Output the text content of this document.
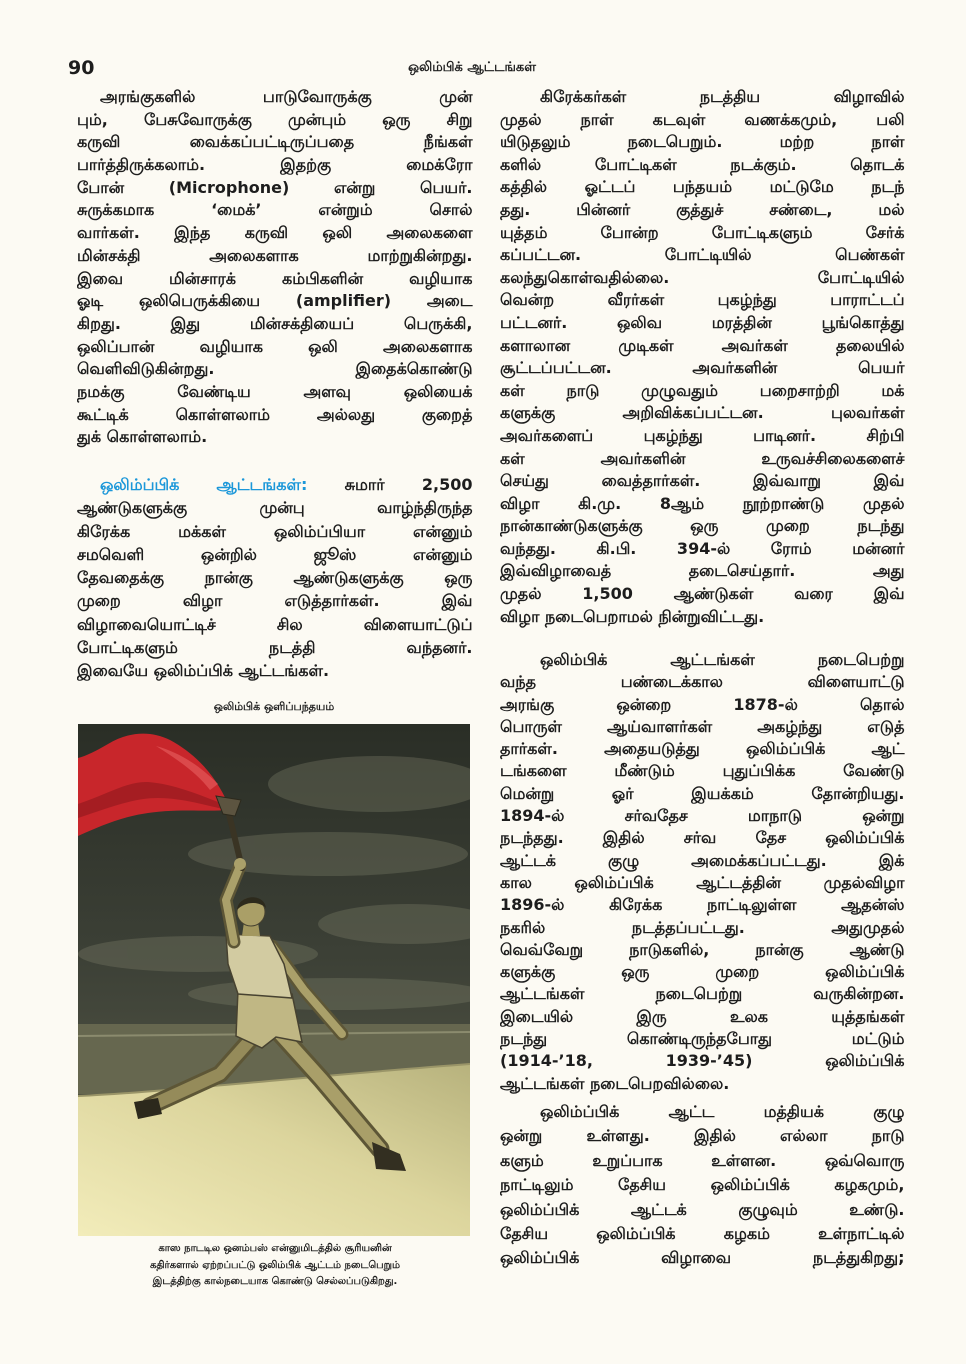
90	ஒலிம்பிக் ஆட்டங்கள்
அரங்குகளில் பாடுவோருக்கு முன்
பும், பேசுவோருக்கு முன்பும் ஒரு சிறு
கருவி வைக்கப்பட்டிருப்பதை நீங்கள்
பார்த்திருக்கலாம். இதற்கு மைக்ரோ
போன் (Microphone) என்று பெயர்.
சுருக்கமாக ‘மைக்’ என்றும் சொல்
வார்கள். இந்த கருவி ஒலி அலைகளை
மின்சக்தி அலைகளாக மாற்றுகின்றது.
இவை மின்சாரக் கம்பிகளின் வழியாக
ஓடி ஒலிபெருக்கியை (amplifier) அடை
கிறது. இது மின்சக்தியைப் பெருக்கி,
ஒலிப்பான் வழியாக ஒலி அலைகளாக
வெளிவிடுகின்றது. இதைக்கொண்டு
நமக்கு வேண்டிய அளவு ஒலியைக்
கூட்டிக் கொள்ளலாம் அல்லது குறைத்
துக் கொள்ளலாம்.
ஒலிம்ப்பிக் ஆட்டங்கள்: சுமார் 2,500
ஆண்டுகளுக்கு முன்பு வாழ்ந்திருந்த
கிரேக்க மக்கள் ஒலிம்ப்பியா என்னும்
சமவெளி ஒன்றில் ஜூஸ் என்னும்
தேவதைக்கு நான்கு ஆண்டுகளுக்கு ஒரு
முறை விழா எடுத்தார்கள். இவ்
விழாவையொட்டிச் சில விளையாட்டுப்
போட்டிகளும் நடத்தி வந்தனர்.
இவையே ஒலிம்ப்பிக் ஆட்டங்கள்.
ஒலிம்பிக் ஒளிப்பந்தயம்
காஸ நாடடில ஒனம்பஸ் என்னுமிடத்தில் சூரியனின்
கதிர்களால் ஏற்றப்பட்டு ஒலிம்பிக் ஆட்டம் நடைபெறும்
இடத்திற்கு கால்நடையாக கொண்டு செல்லப்படுகிறது.
கிரேக்கர்கள் நடத்திய விழாவில்
முதல் நாள் கடவுள் வணக்கமும், பலி
யிடுதலும் நடைபெறும். மற்ற நாள்
களில் போட்டிகள் நடக்கும். தொடக்
கத்தில் ஓட்டப் பந்தயம் மட்டுமே நடந்
தது. பின்னர் குத்துச் சண்டை, மல்
யுத்தம் போன்ற போட்டிகளும் சேர்க்
கப்பட்டன. போட்டியில் பெண்கள்
கலந்துகொள்வதில்லை. போட்டியில்
வென்ற வீரர்கள் புகழ்ந்து பாராட்டப்
பட்டனர். ஒலிவ மரத்தின் பூங்கொத்து
களாலான முடிகள் அவர்கள் தலையில்
சூட்டப்பட்டன. அவர்களின் பெயர்
கள் நாடு முழுவதும் பறைசாற்றி மக்
களுக்கு அறிவிக்கப்பட்டன. புலவர்கள்
அவர்களைப் புகழ்ந்து பாடினர். சிற்பி
கள் அவர்களின் உருவச்சிலைகளைச்
செய்து வைத்தார்கள். இவ்வாறு இவ்
விழா கி.மு. 8ஆம் நூற்றாண்டு முதல்
நான்காண்டுகளுக்கு ஒரு முறை நடந்து
வந்தது. கி.பி. 394-ல் ரோம் மன்னர்
இவ்விழாவைத் தடைசெய்தார். அது
முதல் 1,500 ஆண்டுகள் வரை இவ்
விழா நடைபெறாமல் நின்றுவிட்டது.
ஒலிம்பிக் ஆட்டங்கள் நடைபெற்று
வந்த பண்டைக்கால விளையாட்டு
அரங்கு ஒன்றை 1878-ல் தொல்
பொருள் ஆய்வாளர்கள் அகழ்ந்து எடுத்
தார்கள். அதையடுத்து ஒலிம்ப்பிக் ஆட்
டங்களை மீண்டும் புதுப்பிக்க வேண்டு
மென்று ஓர் இயக்கம் தோன்றியது.
1894-ல் சர்வதேச மாநாடு ஒன்று
நடந்தது. இதில் சர்வ தேச ஒலிம்ப்பிக்
ஆட்டக் குழு அமைக்கப்பட்டது. இக்
கால ஒலிம்ப்பிக் ஆட்டத்தின் முதல்விழா
1896-ல் கிரேக்க நாட்டிலுள்ள ஆதன்ஸ்
நகரில் நடத்தப்பட்டது. அதுமுதல்
வெவ்வேறு நாடுகளில், நான்கு ஆண்டு
களுக்கு ஒரு முறை ஒலிம்ப்பிக்
ஆட்டங்கள் நடைபெற்று வருகின்றன.
இடையில் இரு உலக யுத்தங்கள்
நடந்து கொண்டிருந்தபோது மட்டும்
(1914-’18, 1939-’45) ஒலிம்ப்பிக்
ஆட்டங்கள் நடைபெறவில்லை.
ஒலிம்ப்பிக் ஆட்ட மத்தியக் குழு
ஒன்று உள்ளது. இதில் எல்லா நாடு
களும் உறுப்பாக உள்ளன. ஒவ்வொரு
நாட்டிலும் தேசிய ஒலிம்ப்பிக் கழகமும்,
ஒலிம்ப்பிக் ஆட்டக் குழுவும் உண்டு.
தேசிய ஒலிம்ப்பிக் கழகம் உள்நாட்டில்
ஒலிம்ப்பிக் விழாவை நடத்துகிறது;
